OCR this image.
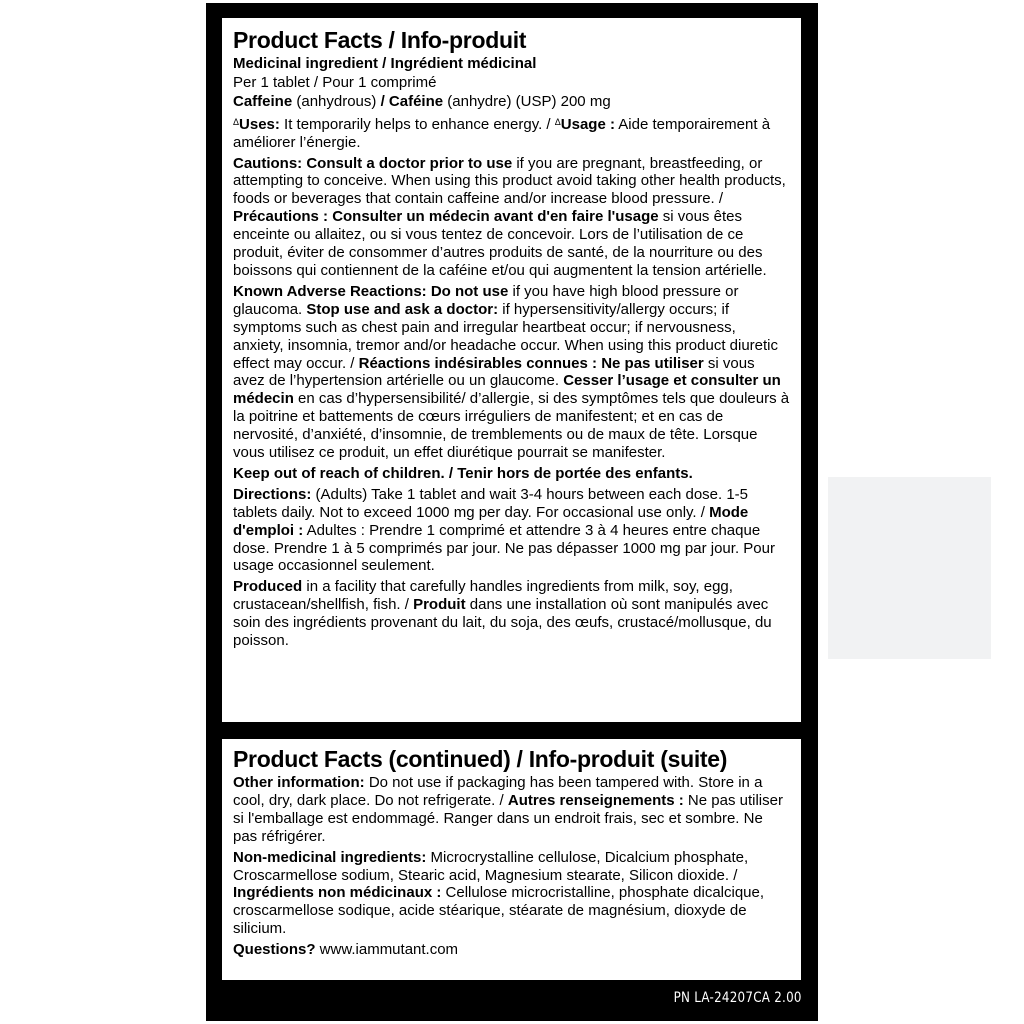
Product Facts / Info-produit

Medicinal ingredient / Ingrédient médicinal

Per 1 tablet / Pour 1 comprimé

Caffeine (anhydrous) / Caféine (anhydre) (USP) 200 mg

$^\Delta$Uses: It temporarily helps to enhance energy. / $^\Delta$Usage : Aide temporairement à améliorer l’énergie.

Cautions: Consult a doctor prior to use if you are pregnant, breastfeeding, or attempting to conceive. When using this product avoid taking other health products, foods or beverages that contain caffeine and/or increase blood pressure. / Précautions : Consulter un médecin avant d'en faire l'usage si vous êtes enceinte ou allaitez, ou si vous tentez de concevoir. Lors de l’utilisation de ce produit, éviter de consommer d’autres produits de santé, de la nourriture ou des boissons qui contiennent de la caféine et/ou qui augmentent la tension artérielle.

Known Adverse Reactions: Do not use if you have high blood pressure or glaucoma. Stop use and ask a doctor: if hypersensitivity/allergy occurs; if symptoms such as chest pain and irregular heartbeat occur; if nervousness, anxiety, insomnia, tremor and/or headache occur. When using this product diuretic effect may occur. / Réactions indésirables connues : Ne pas utiliser si vous avez de l’hypertension artérielle ou un glaucome. Cesser l’usage et consulter un médecin en cas d’hypersensibilité/ d’allergie, si des symptômes tels que douleurs à la poitrine et battements de cœurs irréguliers de manifestent; et en cas de nervosité, d’anxiété, d’insomnie, de tremblements ou de maux de tête. Lorsque vous utilisez ce produit, un effet diurétique pourrait se manifester.

Keep out of reach of children. / Tenir hors de portée des enfants.

Directions: (Adults) Take 1 tablet and wait 3-4 hours between each dose. 1-5 tablets daily. Not to exceed 1000 mg per day. For occasional use only. / Mode d'emploi : Adultes : Prendre 1 comprimé et attendre 3 à 4 heures entre chaque dose. Prendre 1 à 5 comprimés par jour. Ne pas dépasser 1000 mg par jour. Pour usage occasionnel seulement.

Produced in a facility that carefully handles ingredients from milk, soy, egg, crustacean/shellfish, fish. / Produit dans une installation où sont manipulés avec soin des ingrédients provenant du lait, du soja, des œufs, crustacé/mollusque, du poisson.

Product Facts (continued) / Info-produit (suite)

Other information: Do not use if packaging has been tampered with. Store in a cool, dry, dark place. Do not refrigerate. / Autres renseignements : Ne pas utiliser si l'emballage est endommagé. Ranger dans un endroit frais, sec et sombre. Ne pas réfrigérer.

Non-medicinal ingredients: Microcrystalline cellulose, Dicalcium phosphate, Croscarmellose sodium, Stearic acid, Magnesium stearate, Silicon dioxide. / Ingrédients non médicinaux : Cellulose microcristalline, phosphate dicalcique, croscarmellose sodique, acide stéarique, stéarate de magnésium, dioxyde de silicium.

Questions? www.iammutant.com

PN LA-24207CA 2.00
